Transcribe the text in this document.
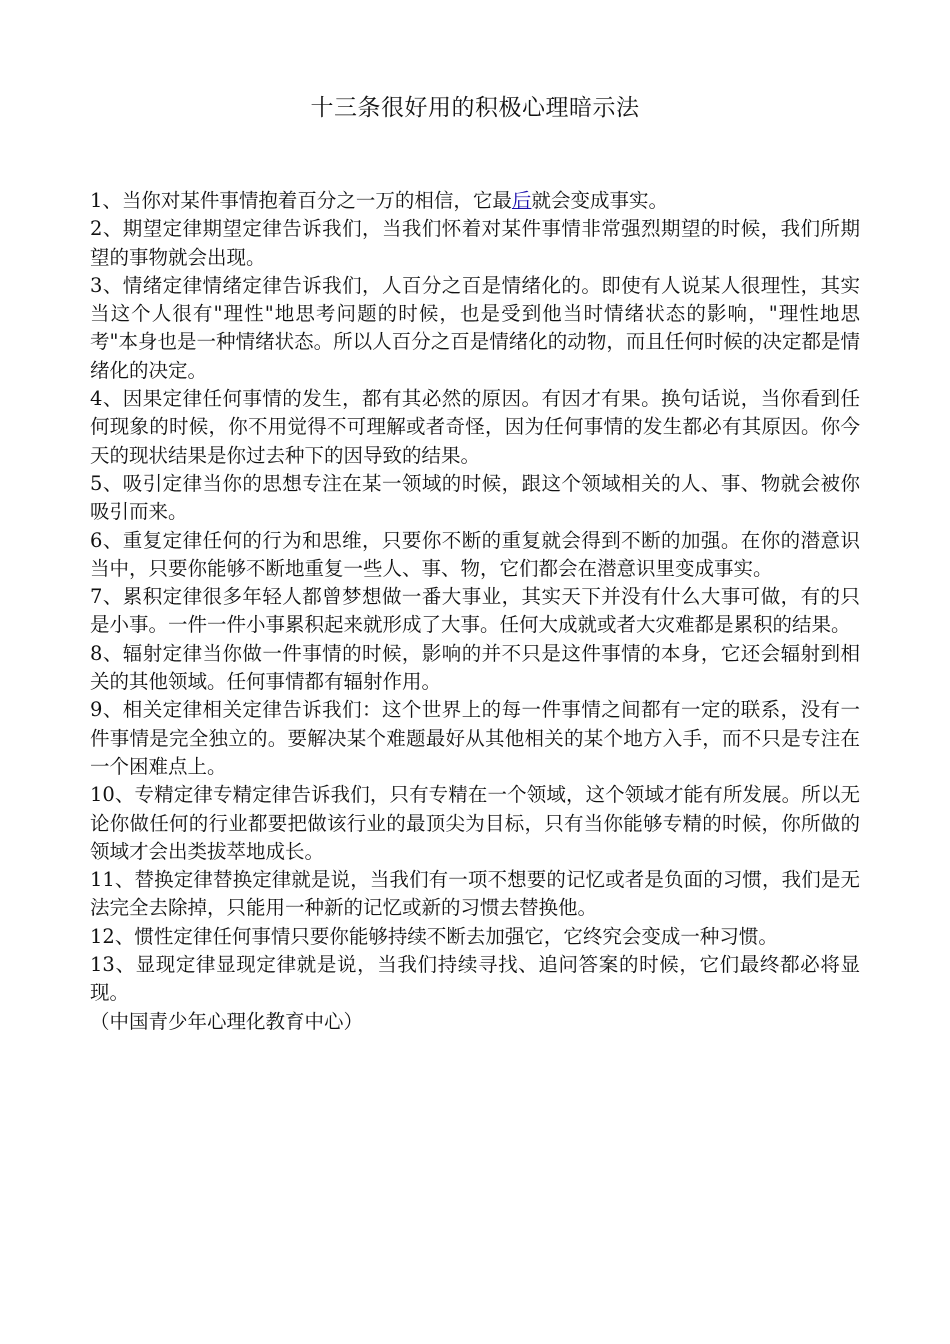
十三条很好用的积极心理暗示法

1、当你对某件事情抱着百分之一万的相信，它最后就会变成事实。

2、期望定律期望定律告诉我们，当我们怀着对某件事情非常强烈期望的时候，我们所期望的事物就会出现。

3、情绪定律情绪定律告诉我们，人百分之百是情绪化的。即使有人说某人很理性，其实当这个人很有"理性"地思考问题的时候，也是受到他当时情绪状态的影响，"理性地思考"本身也是一种情绪状态。所以人百分之百是情绪化的动物，而且任何时候的决定都是情绪化的决定。

4、因果定律任何事情的发生，都有其必然的原因。有因才有果。换句话说，当你看到任何现象的时候，你不用觉得不可理解或者奇怪，因为任何事情的发生都必有其原因。你今天的现状结果是你过去种下的因导致的结果。

5、吸引定律当你的思想专注在某一领域的时候，跟这个领域相关的人、事、物就会被你吸引而来。

6、重复定律任何的行为和思维，只要你不断的重复就会得到不断的加强。在你的潜意识当中，只要你能够不断地重复一些人、事、物，它们都会在潜意识里变成事实。

7、累积定律很多年轻人都曾梦想做一番大事业，其实天下并没有什么大事可做，有的只是小事。一件一件小事累积起来就形成了大事。任何大成就或者大灾难都是累积的结果。

8、辐射定律当你做一件事情的时候，影响的并不只是这件事情的本身，它还会辐射到相关的其他领域。任何事情都有辐射作用。

9、相关定律相关定律告诉我们：这个世界上的每一件事情之间都有一定的联系，没有一件事情是完全独立的。要解决某个难题最好从其他相关的某个地方入手，而不只是专注在一个困难点上。

10、专精定律专精定律告诉我们，只有专精在一个领域，这个领域才能有所发展。所以无论你做任何的行业都要把做该行业的最顶尖为目标，只有当你能够专精的时候，你所做的领域才会出类拔萃地成长。

11、替换定律替换定律就是说，当我们有一项不想要的记忆或者是负面的习惯，我们是无法完全去除掉，只能用一种新的记忆或新的习惯去替换他。

12、惯性定律任何事情只要你能够持续不断去加强它，它终究会变成一种习惯。

13、显现定律显现定律就是说，当我们持续寻找、追问答案的时候，它们最终都必将显现。

（中国青少年心理化教育中心）
